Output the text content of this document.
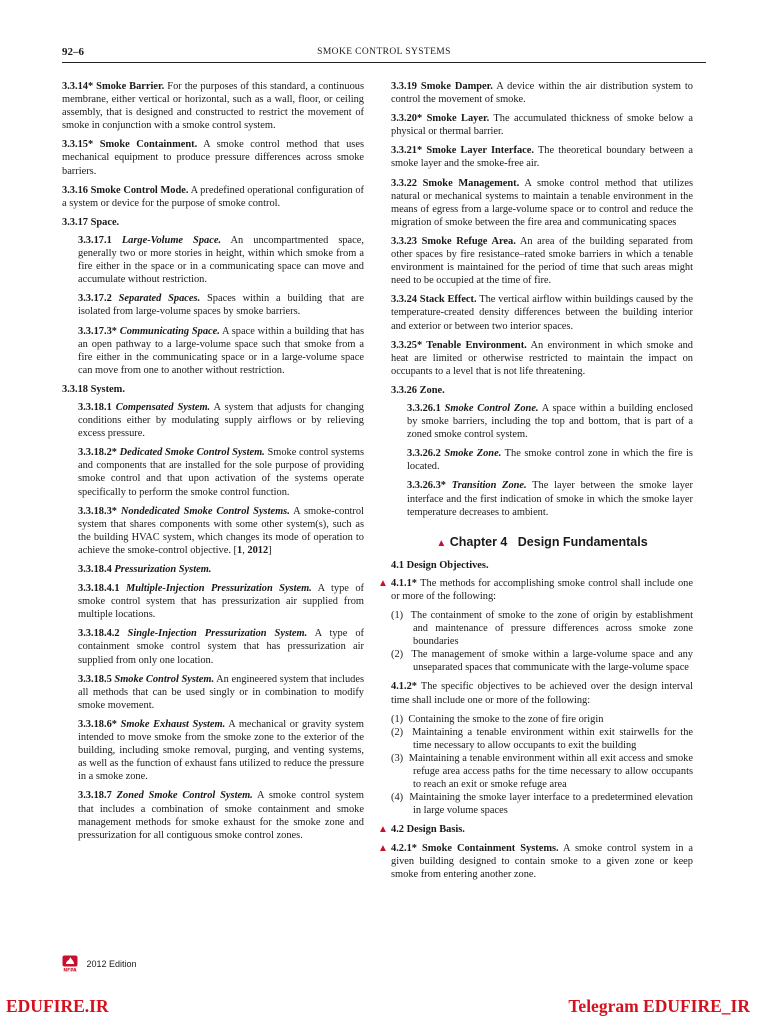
92–6	SMOKE CONTROL SYSTEMS

3.3.14* Smoke Barrier. For the purposes of this standard, a continuous membrane, either vertical or horizontal, such as a wall, floor, or ceiling assembly, that is designed and constructed to restrict the movement of smoke in conjunction with a smoke control system.

3.3.15* Smoke Containment. A smoke control method that uses mechanical equipment to produce pressure differences across smoke barriers.

3.3.16 Smoke Control Mode. A predefined operational configuration of a system or device for the purpose of smoke control.

3.3.17 Space.

3.3.17.1 Large-Volume Space. An uncompartmented space, generally two or more stories in height, within which smoke from a fire either in the space or in a communicating space can move and accumulate without restriction.

3.3.17.2 Separated Spaces. Spaces within a building that are isolated from large-volume spaces by smoke barriers.

3.3.17.3* Communicating Space. A space within a building that has an open pathway to a large-volume space such that smoke from a fire either in the communicating space or in a large-volume space can move from one to another without restriction.

3.3.18 System.

3.3.18.1 Compensated System. A system that adjusts for changing conditions either by modulating supply airflows or by relieving excess pressure.

3.3.18.2* Dedicated Smoke Control System. Smoke control systems and components that are installed for the sole purpose of providing smoke control and that upon activation of the systems operate specifically to perform the smoke control function.

3.3.18.3* Nondedicated Smoke Control Systems. A smoke-control system that shares components with some other system(s), such as the building HVAC system, which changes its mode of operation to achieve the smoke-control objective. [1, 2012]

3.3.18.4 Pressurization System.

3.3.18.4.1 Multiple-Injection Pressurization System. A type of smoke control system that has pressurization air supplied from multiple locations.

3.3.18.4.2 Single-Injection Pressurization System. A type of containment smoke control system that has pressurization air supplied from only one location.

3.3.18.5 Smoke Control System. An engineered system that includes all methods that can be used singly or in combination to modify smoke movement.

3.3.18.6* Smoke Exhaust System. A mechanical or gravity system intended to move smoke from the smoke zone to the exterior of the building, including smoke removal, purging, and venting systems, as well as the function of exhaust fans utilized to reduce the pressure in a smoke zone.

3.3.18.7 Zoned Smoke Control System. A smoke control system that includes a combination of smoke containment and smoke management methods for smoke exhaust for the smoke zone and pressurization for all contiguous smoke control zones.

3.3.19 Smoke Damper. A device within the air distribution system to control the movement of smoke.

3.3.20* Smoke Layer. The accumulated thickness of smoke below a physical or thermal barrier.

3.3.21* Smoke Layer Interface. The theoretical boundary between a smoke layer and the smoke-free air.

3.3.22 Smoke Management. A smoke control method that utilizes natural or mechanical systems to maintain a tenable environment in the means of egress from a large-volume space or to control and reduce the migration of smoke between the fire area and communicating spaces

3.3.23 Smoke Refuge Area. An area of the building separated from other spaces by fire resistance–rated smoke barriers in which a tenable environment is maintained for the period of time that such areas might need to be occupied at the time of fire.

3.3.24 Stack Effect. The vertical airflow within buildings caused by the temperature-created density differences between the building interior and exterior or between two interior spaces.

3.3.25* Tenable Environment. An environment in which smoke and heat are limited or otherwise restricted to maintain the impact on occupants to a level that is not life threatening.

3.3.26 Zone.

3.3.26.1 Smoke Control Zone. A space within a building enclosed by smoke barriers, including the top and bottom, that is part of a zoned smoke control system.

3.3.26.2 Smoke Zone. The smoke control zone in which the fire is located.

3.3.26.3* Transition Zone. The layer between the smoke layer interface and the first indication of smoke in which the smoke layer temperature decreases to ambient.

▲ Chapter 4 Design Fundamentals

4.1 Design Objectives.

▲ 4.1.1* The methods for accomplishing smoke control shall include one or more of the following:

(1) The containment of smoke to the zone of origin by establishment and maintenance of pressure differences across smoke zone boundaries
(2) The management of smoke within a large-volume space and any unseparated spaces that communicate with the large-volume space

4.1.2* The specific objectives to be achieved over the design interval time shall include one or more of the following:

(1) Containing the smoke to the zone of fire origin
(2) Maintaining a tenable environment within exit stairwells for the time necessary to allow occupants to exit the building
(3) Maintaining a tenable environment within all exit access and smoke refuge area access paths for the time necessary to allow occupants to reach an exit or smoke refuge area
(4) Maintaining the smoke layer interface to a predetermined elevation in large volume spaces

▲ 4.2 Design Basis.

▲ 4.2.1* Smoke Containment Systems. A smoke control system in a given building designed to contain smoke to a given zone or keep smoke from entering another zone.

NFPA
2012 Edition
EDUFIRE.IR	Telegram EDUFIRE_IR
